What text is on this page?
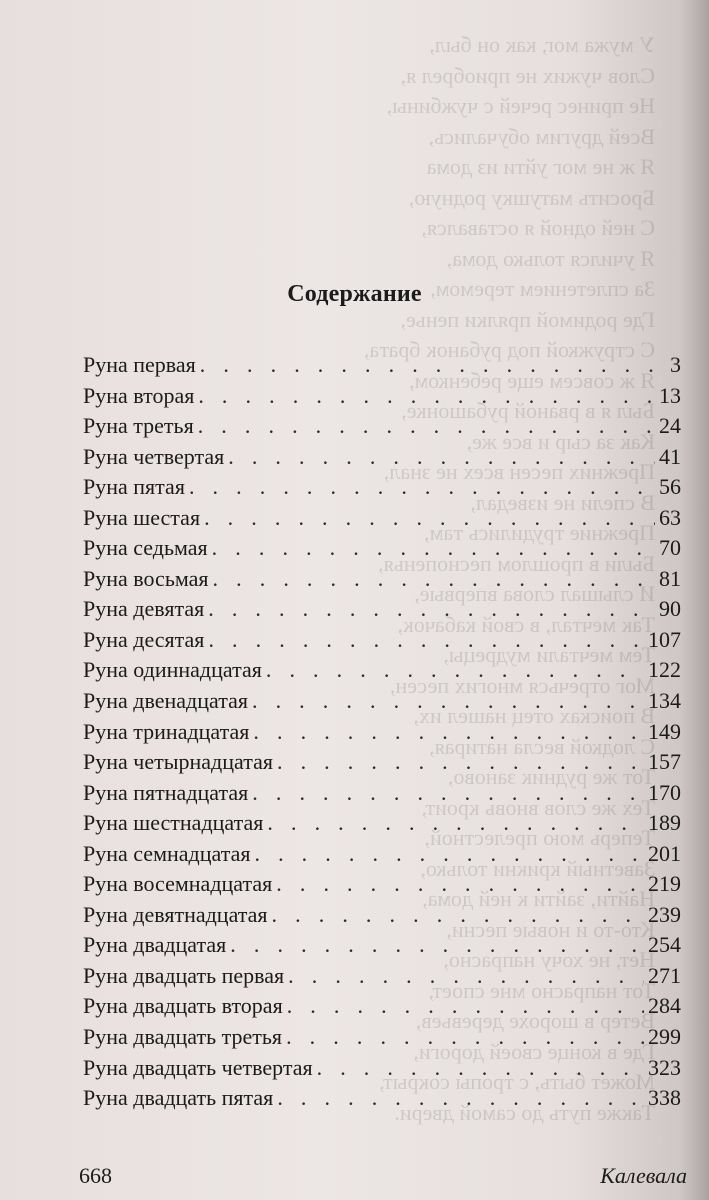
У мужа мог, как он был,
Слов чужих не приобрел я,
Не принес речей с чужбины,
Всей другим обучались,
Я ж не мог уйти из дома
Бросить матушку родную,
С ней одной я оставался,
Я учился только дома,
За сплетением теремом,
Где родимой прялки пенье,
С стружкой под рубанок брата,
Я ж совсем еще ребенком,
Был я в рваной рубашонке,
Как за сыр и все же,
Прежних песен всех не знал,
В спели не изведал,
Прежние трудились там,
Были в прошлом песнопенья,
И слышал слова впервые,
Так мечтал, в свой кабачок,
Тем мечтали мудрецы,
Мог отречься многих песен,
В поисках отец нашел их,
С лодкой весла натирая,
Тот же рудник заново,
Тех же слов вновь кроит,
Теперь мою прелестной,
Заветный крикни только,
Найти, зайти к ней дома,
Кто-то и новые песни,
Нет, не хочу напрасно,
Тот напрасно мне споет,
Ветер в шорохе деревьев,
Где в конце своей дороги,
Может быть, с тропы сокрыт,
Также путь до самой двери.
Содержание
Руна первая . . .	3
Руна вторая . . .	13
Руна третья . . .	24
Руна четвертая . . .	41
Руна пятая . . .	56
Руна шестая . . .	63
Руна седьмая . . .	70
Руна восьмая . . .	81
Руна девятая . . .	90
Руна десятая . . .	107
Руна одиннадцатая . . .	122
Руна двенадцатая . . .	134
Руна тринадцатая . . .	149
Руна четырнадцатая . . .	157
Руна пятнадцатая . . .	170
Руна шестнадцатая . . .	189
Руна семнадцатая . . .	201
Руна восемнадцатая . . .	219
Руна девятнадцатая . . .	239
Руна двадцатая . . .	254
Руна двадцать первая . . .	271
Руна двадцать вторая . . .	284
Руна двадцать третья . . .	299
Руна двадцать четвертая . . .	323
Руна двадцать пятая . . .	338
668	Калевала
